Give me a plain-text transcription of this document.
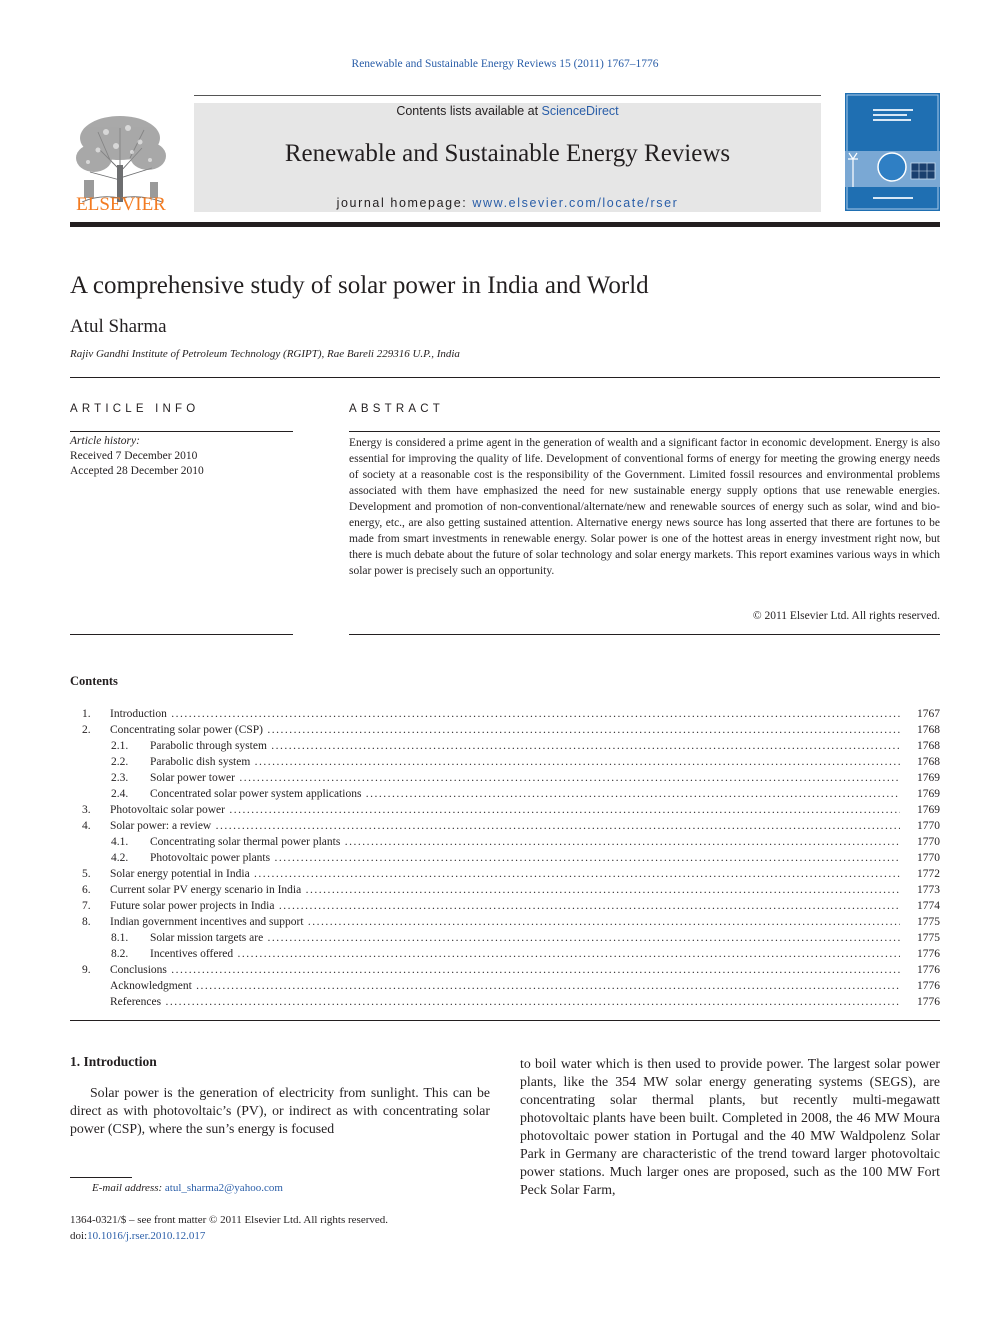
Renewable and Sustainable Energy Reviews 15 (2011) 1767–1776
ELSEVIER
Contents lists available at ScienceDirect
Renewable and Sustainable Energy Reviews
journal homepage: www.elsevier.com/locate/rser
A comprehensive study of solar power in India and World
Atul Sharma
Rajiv Gandhi Institute of Petroleum Technology (RGIPT), Rae Bareli 229316 U.P., India
ARTICLE INFO	ABSTRACT
Article history:
Received 7 December 2010
Accepted 28 December 2010
Energy is considered a prime agent in the generation of wealth and a significant factor in economic development. Energy is also essential for improving the quality of life. Development of conventional forms of energy for meeting the growing energy needs of society at a reasonable cost is the responsibility of the Government. Limited fossil resources and environmental problems associated with them have emphasized the need for new sustainable energy supply options that use renewable energies. Development and promotion of non-conventional/alternate/new and renewable sources of energy such as solar, wind and bio-energy, etc., are also getting sustained attention. Alternative energy news source has long asserted that there are fortunes to be made from smart investments in renewable energy. Solar power is one of the hottest areas in energy investment right now, but there is much debate about the future of solar technology and solar energy markets. This report examines various ways in which solar power is precisely such an opportunity.
© 2011 Elsevier Ltd. All rights reserved.
Contents
1. Introduction .....	1767
2. Concentrating solar power (CSP) .....	1768
2.1. Parabolic through system .....	1768
2.2. Parabolic dish system .....	1768
2.3. Solar power tower .....	1769
2.4. Concentrated solar power system applications .....	1769
3. Photovoltaic solar power .....	1769
4. Solar power: a review .....	1770
4.1. Concentrating solar thermal power plants .....	1770
4.2. Photovoltaic power plants .....	1770
5. Solar energy potential in India .....	1772
6. Current solar PV energy scenario in India .....	1773
7. Future solar power projects in India .....	1774
8. Indian government incentives and support .....	1775
8.1. Solar mission targets are .....	1775
8.2. Incentives offered .....	1776
9. Conclusions .....	1776
Acknowledgment .....	1776
References .....	1776
1. Introduction

Solar power is the generation of electricity from sunlight. This can be direct as with photovoltaic’s (PV), or indirect as with concentrating solar power (CSP), where the sun’s energy is focused

to boil water which is then used to provide power. The largest solar power plants, like the 354 MW solar energy generating systems (SEGS), are concentrating solar thermal plants, but recently multi-megawatt photovoltaic plants have been built. Completed in 2008, the 46 MW Moura photovoltaic power station in Portugal and the 40 MW Waldpolenz Solar Park in Germany are characteristic of the trend toward larger photovoltaic power stations. Much larger ones are proposed, such as the 100 MW Fort Peck Solar Farm,

E-mail address: atul_sharma2@yahoo.com
1364-0321/$ – see front matter © 2011 Elsevier Ltd. All rights reserved.
doi:10.1016/j.rser.2010.12.017
